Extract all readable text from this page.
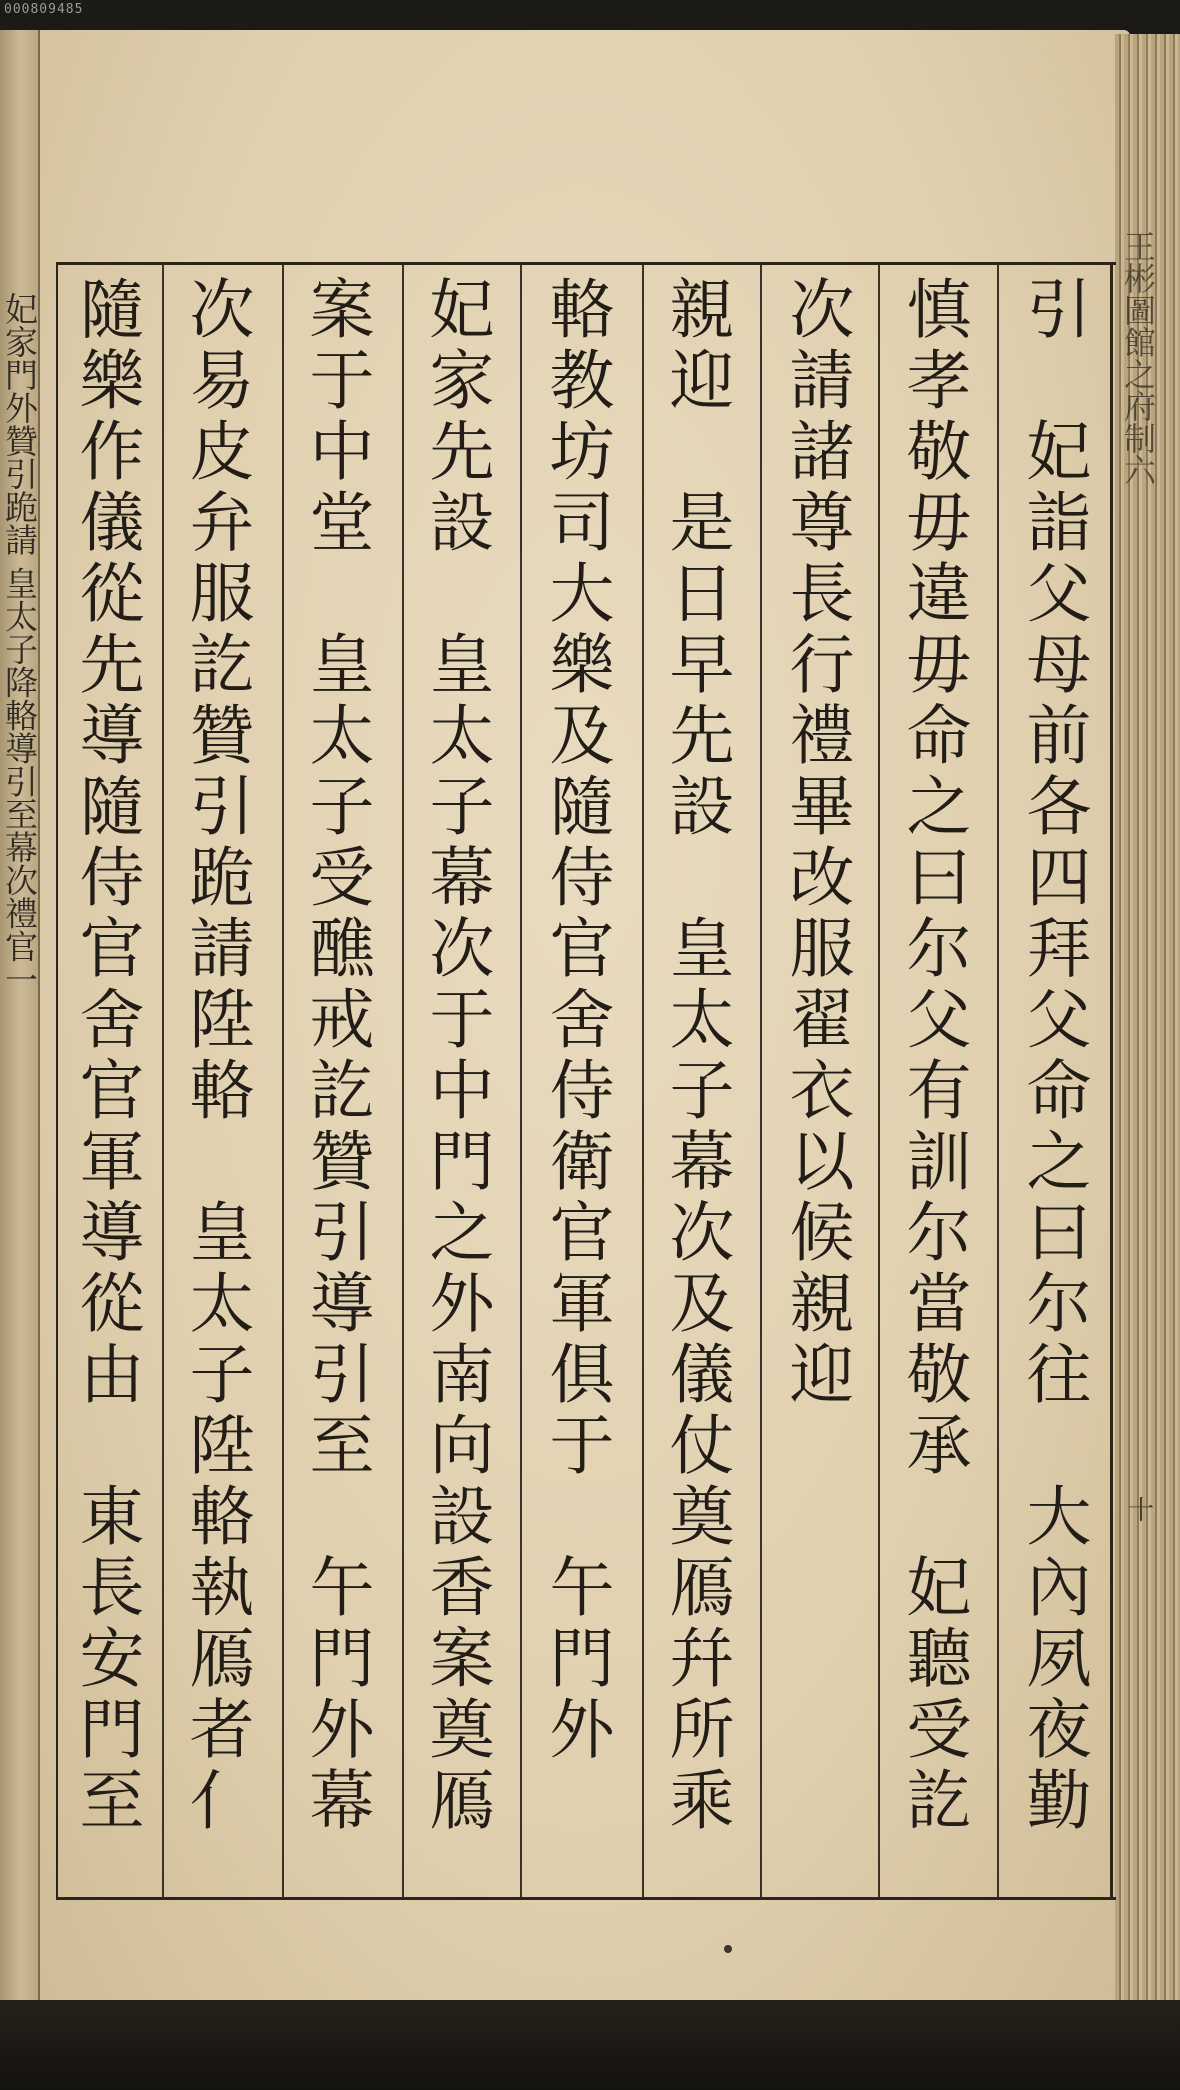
000809485
妃家門外贊引跪請 皇太子降輅導引至幕次禮官一	王彬圖館之府制六
十
引　妃詣父母前各四拜父命之曰尔往　大內夙夜勤
慎孝敬毋違毋命之曰尔父有訓尔當敬承　妃聽受訖
次請諸尊長行禮畢改服翟衣以候親迎
親迎　是日早先設　皇太子幕次及儀仗奠鴈幷所乘
輅教坊司大樂及隨侍官舍侍衛官軍俱于　午門外
妃家先設　皇太子幕次于中門之外南向設香案奠鴈
案于中堂　皇太子受醮戒訖贊引導引至　午門外幕
次易皮弁服訖贊引跪請陞輅　皇太子陞輅執鴈者亻
隨樂作儀從先導隨侍官舍官軍導從由　東長安門至
